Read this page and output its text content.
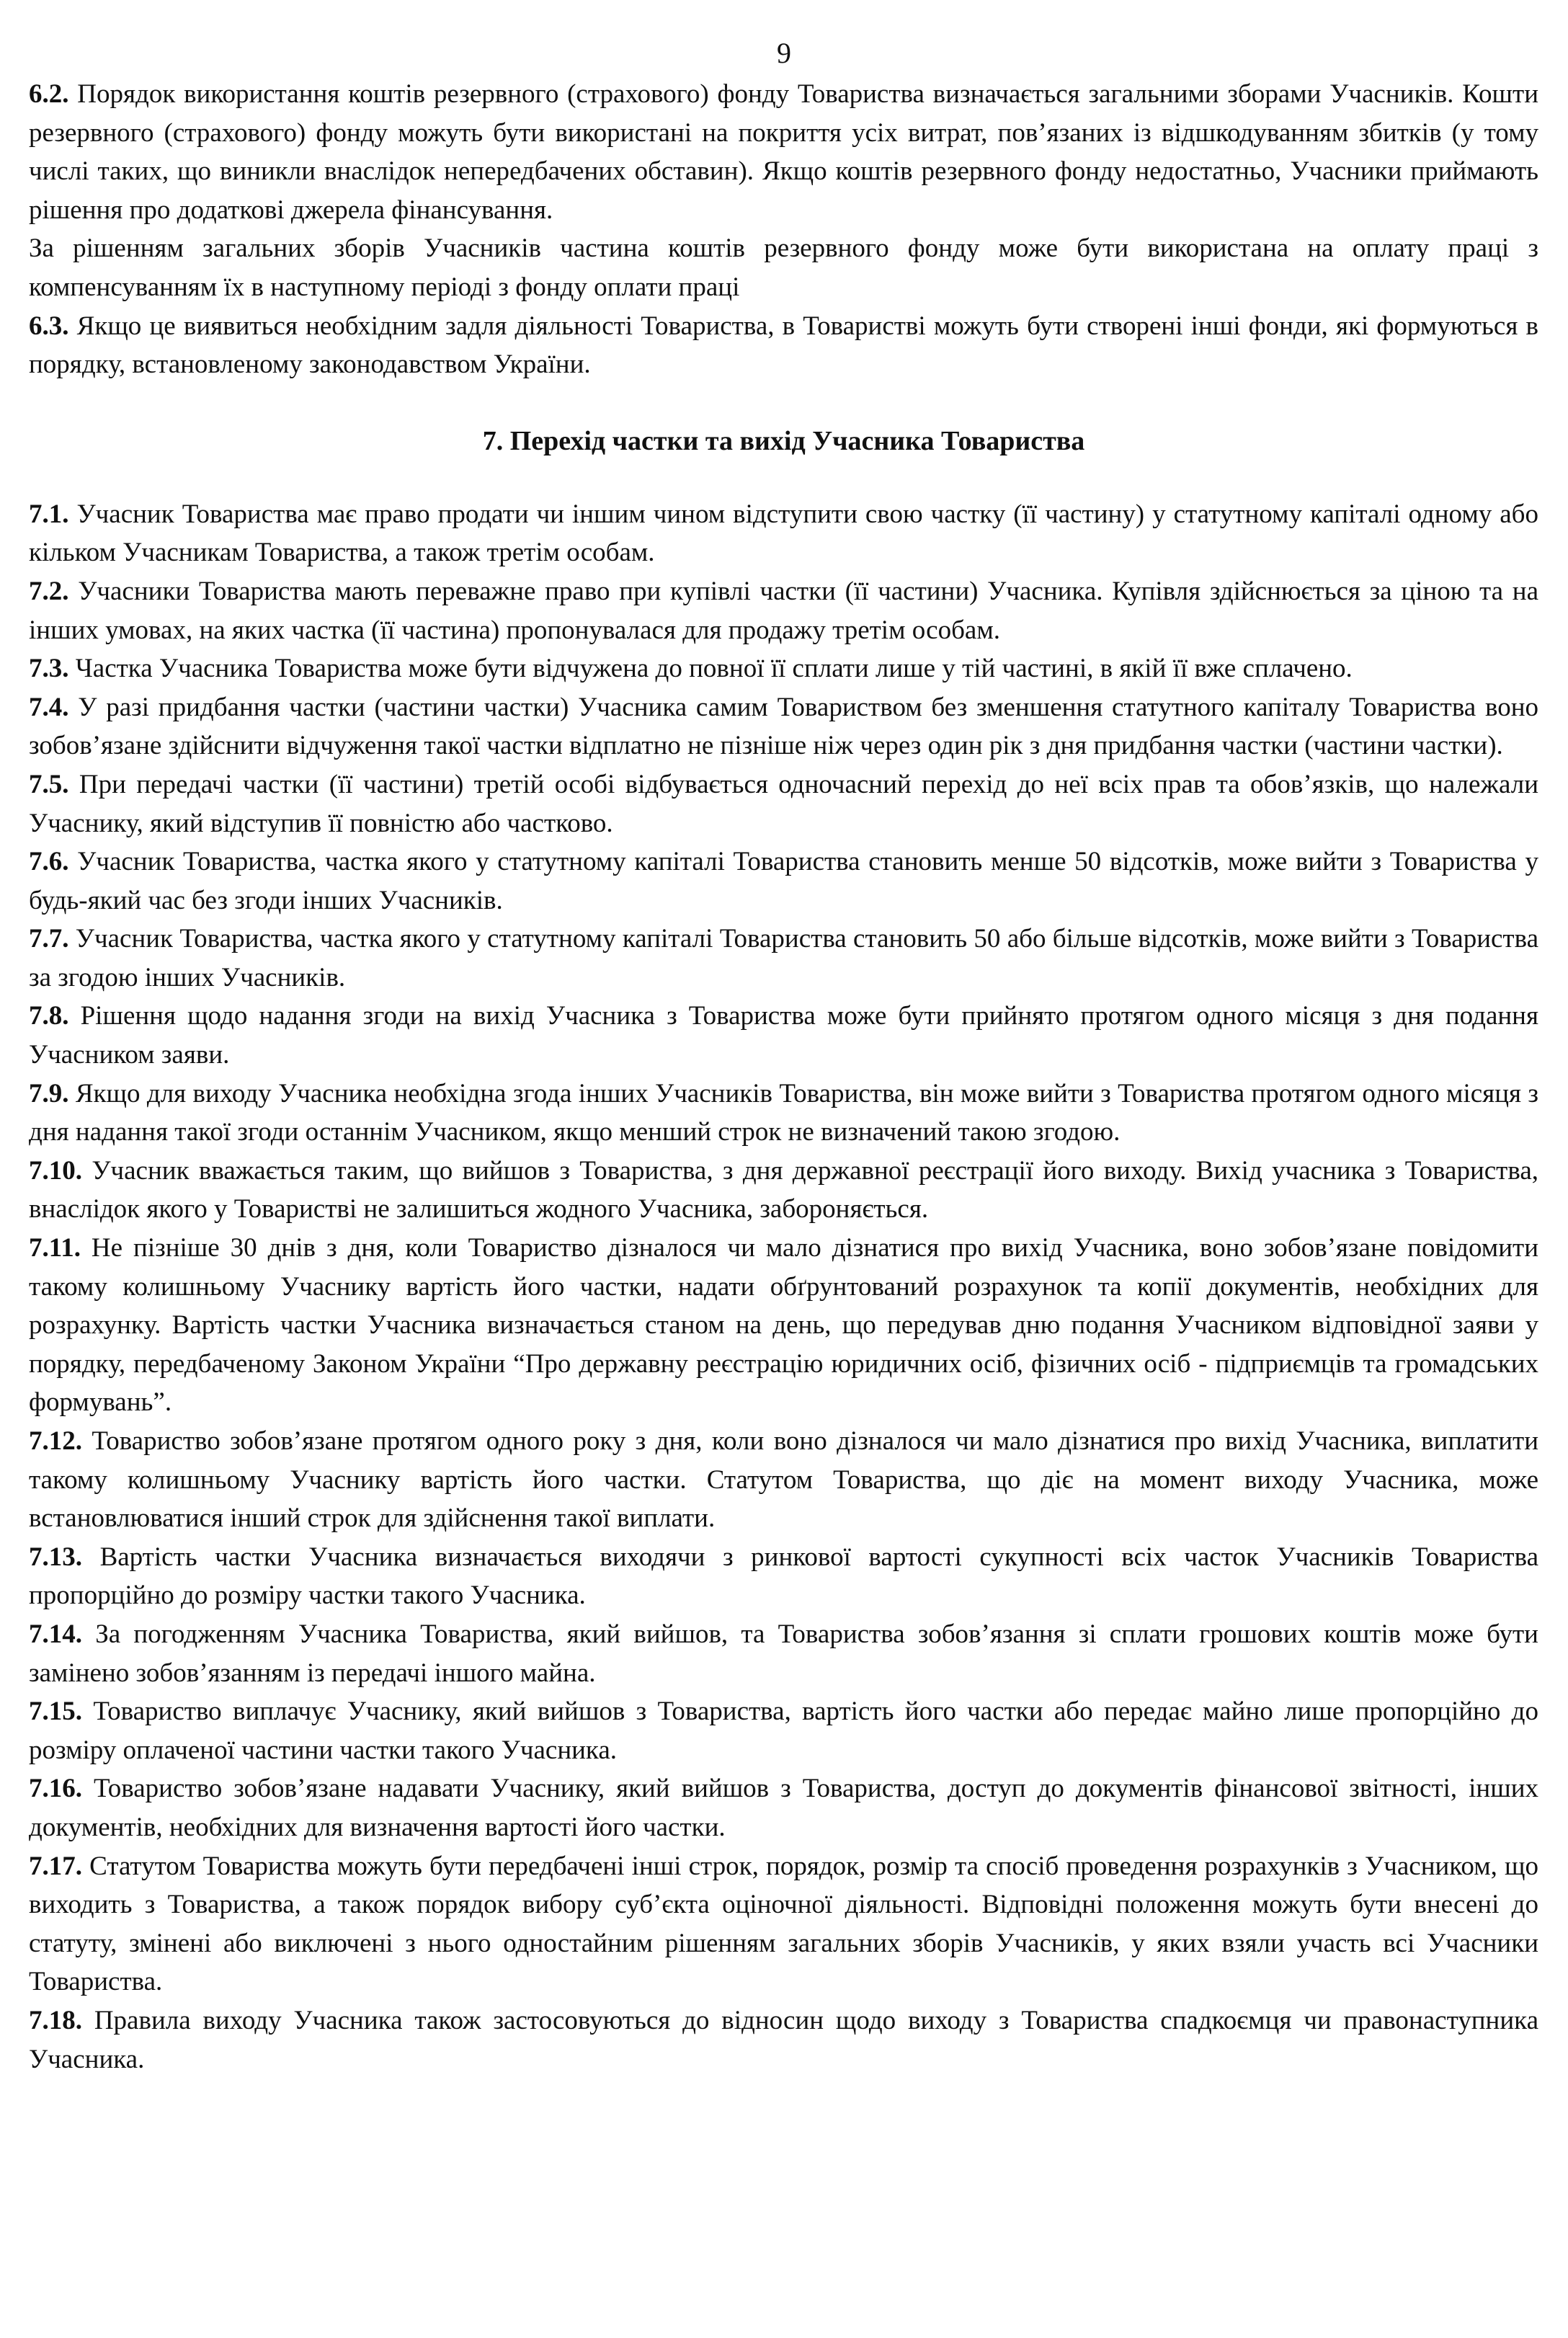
9

6.2. Порядок використання коштів резервного (страхового) фонду Товариства визначається загальними зборами Учасників. Кошти резервного (страхового) фонду можуть бути використані на покриття усіх витрат, пов’язаних із відшкодуванням збитків (у тому числі таких, що виникли внаслідок непередбачених обставин). Якщо коштів резервного фонду недостатньо, Учасники приймають рішення про додаткові джерела фінансування.

За рішенням загальних зборів Учасників частина коштів резервного фонду може бути використана на оплату праці з компенсуванням їх в наступному періоді з фонду оплати праці

6.3. Якщо це виявиться необхідним задля діяльності Товариства, в Товаристві можуть бути створені інші фонди, які формуються в порядку, встановленому законодавством України.

7. Перехід частки та вихід Учасника Товариства

7.1. Учасник Товариства має право продати чи іншим чином відступити свою частку (її частину) у статутному капіталі одному або кільком Учасникам Товариства, а також третім особам.

7.2. Учасники Товариства мають переважне право при купівлі частки (її частини) Учасника. Купівля здійснюється за ціною та на інших умовах, на яких частка (її частина) пропонувалася для продажу третім особам.

7.3. Частка Учасника Товариства може бути відчужена до повної її сплати лише у тій частині, в якій її вже сплачено.

7.4. У разі придбання частки (частини частки) Учасника самим Товариством без зменшення статутного капіталу Товариства воно зобов’язане здійснити відчуження такої частки відплатно не пізніше ніж через один рік з дня придбання частки (частини частки).

7.5. При передачі частки (її частини) третій особі відбувається одночасний перехід до неї всіх прав та обов’язків, що належали Учаснику, який відступив її повністю або частково.

7.6. Учасник Товариства, частка якого у статутному капіталі Товариства становить менше 50 відсотків, може вийти з Товариства у будь-який час без згоди інших Учасників.

7.7. Учасник Товариства, частка якого у статутному капіталі Товариства становить 50 або більше відсотків, може вийти з Товариства за згодою інших Учасників.

7.8. Рішення щодо надання згоди на вихід Учасника з Товариства може бути прийнято протягом одного місяця з дня подання Учасником заяви.

7.9. Якщо для виходу Учасника необхідна згода інших Учасників Товариства, він може вийти з Товариства протягом одного місяця з дня надання такої згоди останнім Учасником, якщо менший строк не визначений такою згодою.

7.10. Учасник вважається таким, що вийшов з Товариства, з дня державної реєстрації його виходу. Вихід учасника з Товариства, внаслідок якого у Товаристві не залишиться жодного Учасника, забороняється.

7.11. Не пізніше 30 днів з дня, коли Товариство дізналося чи мало дізнатися про вихід Учасника, воно зобов’язане повідомити такому колишньому Учаснику вартість його частки, надати обґрунтований розрахунок та копії документів, необхідних для розрахунку. Вартість частки Учасника визначається станом на день, що передував дню подання Учасником відповідної заяви у порядку, передбаченому Законом України “Про державну реєстрацію юридичних осіб, фізичних осіб - підприємців та громадських формувань”.

7.12. Товариство зобов’язане протягом одного року з дня, коли воно дізналося чи мало дізнатися про вихід Учасника, виплатити такому колишньому Учаснику вартість його частки. Статутом Товариства, що діє на момент виходу Учасника, може встановлюватися інший строк для здійснення такої виплати.

7.13. Вартість частки Учасника визначається виходячи з ринкової вартості сукупності всіх часток Учасників Товариства пропорційно до розміру частки такого Учасника.

7.14. За погодженням Учасника Товариства, який вийшов, та Товариства зобов’язання зі сплати грошових коштів може бути замінено зобов’язанням із передачі іншого майна.

7.15. Товариство виплачує Учаснику, який вийшов з Товариства, вартість його частки або передає майно лише пропорційно до розміру оплаченої частини частки такого Учасника.

7.16. Товариство зобов’язане надавати Учаснику, який вийшов з Товариства, доступ до документів фінансової звітності, інших документів, необхідних для визначення вартості його частки.

7.17. Статутом Товариства можуть бути передбачені інші строк, порядок, розмір та спосіб проведення розрахунків з Учасником, що виходить з Товариства, а також порядок вибору суб’єкта оціночної діяльності. Відповідні положення можуть бути внесені до статуту, змінені або виключені з нього одностайним рішенням загальних зборів Учасників, у яких взяли участь всі Учасники Товариства.

7.18. Правила виходу Учасника також застосовуються до відносин щодо виходу з Товариства спадкоємця чи правонаступника Учасника.
